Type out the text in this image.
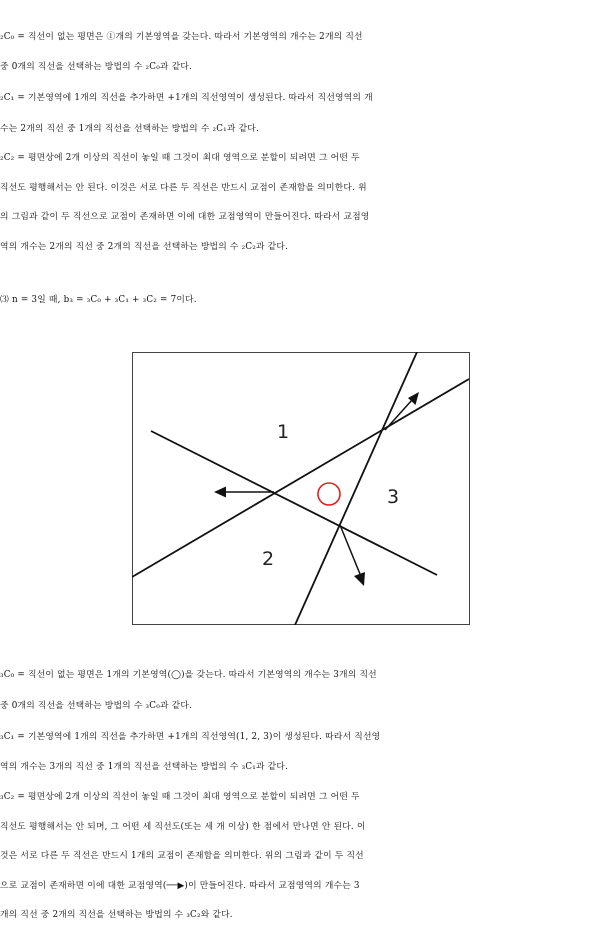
₂C₀ = 직선이 없는 평면은 ①개의 기본영역을 갖는다. 따라서 기본영역의 개수는 2개의 직선
중 0개의 직선을 선택하는 방법의 수 ₂C₀과 같다.
₂C₁ = 기본영역에 1개의 직선을 추가하면 +1개의 직선영역이 생성된다. 따라서 직선영역의 개
수는 2개의 직선 중 1개의 직선을 선택하는 방법의 수 ₂C₁과 같다.
₂C₂ = 평면상에 2개 이상의 직선이 놓일 때 그것이 최대 영역으로 분할이 되려면 그 어떤 두
직선도 평행해서는 안 된다. 이것은 서로 다른 두 직선은 반드시 교점이 존재함을 의미한다. 위
의 그림과 같이 두 직선으로 교점이 존재하면 이에 대한 교점영역이 만들어진다. 따라서 교점영
역의 개수는 2개의 직선 중 2개의 직선을 선택하는 방법의 수 ₂C₂과 같다.
⑶ n = 3일 때, b₃ = ₃C₀ + ₃C₁ + ₃C₂ = 7이다.
1
2
3
₃C₀ = 직선이 없는 평면은 1개의 기본영역(◯)을 갖는다. 따라서 기본영역의 개수는 3개의 직선
중 0개의 직선을 선택하는 방법의 수 ₃C₀과 같다.
₃C₁ = 기본영역에 1개의 직선을 추가하면 +1개의 직선영역(1, 2, 3)이 생성된다. 따라서 직선영
역의 개수는 3개의 직선 중 1개의 직선을 선택하는 방법의 수 ₃C₁과 같다.
₃C₂ = 평면상에 2개 이상의 직선이 놓일 때 그것이 최대 영역으로 분할이 되려면 그 어떤 두
직선도 평행해서는 안 되며, 그 어떤 세 직선도(또는 세 개 이상) 한 점에서 만나면 안 된다. 이
것은 서로 다른 두 직선은 반드시 1개의 교점이 존재함을 의미한다. 위의 그림과 같이 두 직선
으로 교점이 존재하면 이에 대한 교점영역(──▶)이 만들어진다. 따라서 교점영역의 개수는 3
개의 직선 중 2개의 직선을 선택하는 방법의 수 ₃C₂와 같다.
